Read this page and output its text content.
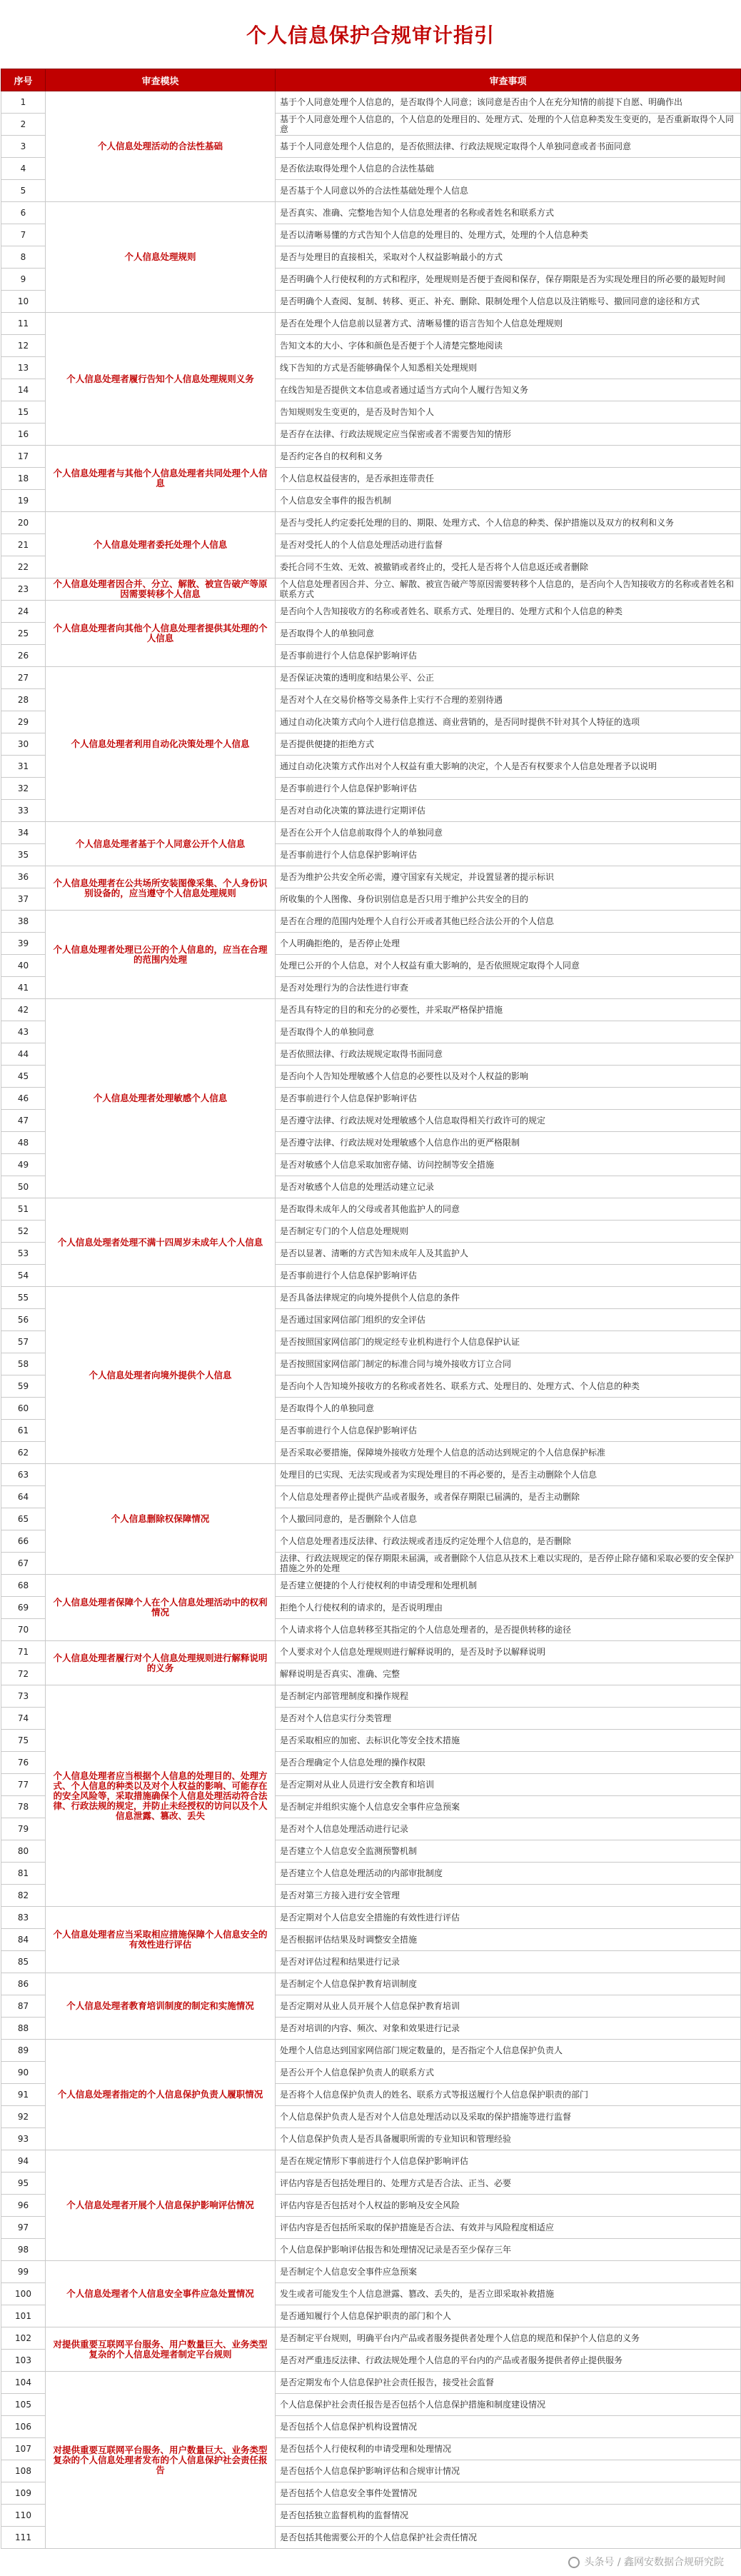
个人信息保护合规审计指引
序号	审查模块	审查事项
1	个人信息处理活动的合法性基础	基于个人同意处理个人信息的，是否取得个人同意；该同意是否由个人在充分知情的前提下自愿、明确作出
2		基于个人同意处理个人信息的，个人信息的处理目的、处理方式、处理的个人信息种类发生变更的，是否重新取得个人同意
3		基于个人同意处理个人信息的，是否依照法律、行政法规规定取得个人单独同意或者书面同意
4		是否依法取得处理个人信息的合法性基础
5		是否基于个人同意以外的合法性基础处理个人信息
6	个人信息处理规则	是否真实、准确、完整地告知个人信息处理者的名称或者姓名和联系方式
7		是否以清晰易懂的方式告知个人信息的处理目的、处理方式，处理的个人信息种类
8		是否与处理目的直接相关，采取对个人权益影响最小的方式
9		是否明确个人行使权利的方式和程序，处理规则是否便于查阅和保存，保存期限是否为实现处理目的所必要的最短时间
10		是否明确个人查阅、复制、转移、更正、补充、删除、限制处理个人信息以及注销账号、撤回同意的途径和方式
11	个人信息处理者履行告知个人信息处理规则义务	是否在处理个人信息前以显著方式、清晰易懂的语言告知个人信息处理规则
12		告知文本的大小、字体和颜色是否便于个人清楚完整地阅读
13		线下告知的方式是否能够确保个人知悉相关处理规则
14		在线告知是否提供文本信息或者通过适当方式向个人履行告知义务
15		告知规则发生变更的，是否及时告知个人
16		是否存在法律、行政法规规定应当保密或者不需要告知的情形
17	个人信息处理者与其他个人信息处理者共同处理个人信息	是否约定各自的权利和义务
18		个人信息权益侵害的，是否承担连带责任
19		个人信息安全事件的报告机制
20	个人信息处理者委托处理个人信息	是否与受托人约定委托处理的目的、期限、处理方式、个人信息的种类、保护措施以及双方的权利和义务
21		是否对受托人的个人信息处理活动进行监督
22		委托合同不生效、无效、被撤销或者终止的，受托人是否将个人信息返还或者删除
23	个人信息处理者因合并、分立、解散、被宣告破产等原因需要转移个人信息	个人信息处理者因合并、分立、解散、被宣告破产等原因需要转移个人信息的，是否向个人告知接收方的名称或者姓名和联系方式
24	个人信息处理者向其他个人信息处理者提供其处理的个人信息	是否向个人告知接收方的名称或者姓名、联系方式、处理目的、处理方式和个人信息的种类
25		是否取得个人的单独同意
26		是否事前进行个人信息保护影响评估
27	个人信息处理者利用自动化决策处理个人信息	是否保证决策的透明度和结果公平、公正
28		是否对个人在交易价格等交易条件上实行不合理的差别待遇
29		通过自动化决策方式向个人进行信息推送、商业营销的，是否同时提供不针对其个人特征的选项
30		是否提供便捷的拒绝方式
31		通过自动化决策方式作出对个人权益有重大影响的决定，个人是否有权要求个人信息处理者予以说明
32		是否事前进行个人信息保护影响评估
33		是否对自动化决策的算法进行定期评估
34	个人信息处理者基于个人同意公开个人信息	是否在公开个人信息前取得个人的单独同意
35		是否事前进行个人信息保护影响评估
36	个人信息处理者在公共场所安装图像采集、个人身份识别设备的，应当遵守个人信息处理规则	是否为维护公共安全所必需，遵守国家有关规定，并设置显著的提示标识
37		所收集的个人图像、身份识别信息是否只用于维护公共安全的目的
38	个人信息处理者处理已公开的个人信息的，应当在合理的范围内处理	是否在合理的范围内处理个人自行公开或者其他已经合法公开的个人信息
39		个人明确拒绝的，是否停止处理
40		处理已公开的个人信息，对个人权益有重大影响的，是否依照规定取得个人同意
41		是否对处理行为的合法性进行审查
42	个人信息处理者处理敏感个人信息	是否具有特定的目的和充分的必要性，并采取严格保护措施
43		是否取得个人的单独同意
44		是否依照法律、行政法规规定取得书面同意
45		是否向个人告知处理敏感个人信息的必要性以及对个人权益的影响
46		是否事前进行个人信息保护影响评估
47		是否遵守法律、行政法规对处理敏感个人信息取得相关行政许可的规定
48		是否遵守法律、行政法规对处理敏感个人信息作出的更严格限制
49		是否对敏感个人信息采取加密存储、访问控制等安全措施
50		是否对敏感个人信息的处理活动建立记录
51	个人信息处理者处理不满十四周岁未成年人个人信息	是否取得未成年人的父母或者其他监护人的同意
52		是否制定专门的个人信息处理规则
53		是否以显著、清晰的方式告知未成年人及其监护人
54		是否事前进行个人信息保护影响评估
55	个人信息处理者向境外提供个人信息	是否具备法律规定的向境外提供个人信息的条件
56		是否通过国家网信部门组织的安全评估
57		是否按照国家网信部门的规定经专业机构进行个人信息保护认证
58		是否按照国家网信部门制定的标准合同与境外接收方订立合同
59		是否向个人告知境外接收方的名称或者姓名、联系方式、处理目的、处理方式、个人信息的种类
60		是否取得个人的单独同意
61		是否事前进行个人信息保护影响评估
62		是否采取必要措施，保障境外接收方处理个人信息的活动达到规定的个人信息保护标准
63	个人信息删除权保障情况	处理目的已实现、无法实现或者为实现处理目的不再必要的，是否主动删除个人信息
64		个人信息处理者停止提供产品或者服务，或者保存期限已届满的，是否主动删除
65		个人撤回同意的，是否删除个人信息
66		个人信息处理者违反法律、行政法规或者违反约定处理个人信息的，是否删除
67		法律、行政法规规定的保存期限未届满，或者删除个人信息从技术上难以实现的，是否停止除存储和采取必要的安全保护措施之外的处理
68	个人信息处理者保障个人在个人信息处理活动中的权利情况	是否建立便捷的个人行使权利的申请受理和处理机制
69		拒绝个人行使权利的请求的，是否说明理由
70		个人请求将个人信息转移至其指定的个人信息处理者的，是否提供转移的途径
71	个人信息处理者履行对个人信息处理规则进行解释说明的义务	个人要求对个人信息处理规则进行解释说明的，是否及时予以解释说明
72		解释说明是否真实、准确、完整
73	个人信息处理者应当根据个人信息的处理目的、处理方式、个人信息的种类以及对个人权益的影响、可能存在的安全风险等，采取措施确保个人信息处理活动符合法律、行政法规的规定，并防止未经授权的访问以及个人信息泄露、篡改、丢失	是否制定内部管理制度和操作规程
74		是否对个人信息实行分类管理
75		是否采取相应的加密、去标识化等安全技术措施
76		是否合理确定个人信息处理的操作权限
77		是否定期对从业人员进行安全教育和培训
78		是否制定并组织实施个人信息安全事件应急预案
79		是否对个人信息处理活动进行记录
80		是否建立个人信息安全监测预警机制
81		是否建立个人信息处理活动的内部审批制度
82		是否对第三方接入进行安全管理
83	个人信息处理者应当采取相应措施保障个人信息安全的有效性进行评估	是否定期对个人信息安全措施的有效性进行评估
84		是否根据评估结果及时调整安全措施
85		是否对评估过程和结果进行记录
86	个人信息处理者教育培训制度的制定和实施情况	是否制定个人信息保护教育培训制度
87		是否定期对从业人员开展个人信息保护教育培训
88		是否对培训的内容、频次、对象和效果进行记录
89	个人信息处理者指定的个人信息保护负责人履职情况	处理个人信息达到国家网信部门规定数量的，是否指定个人信息保护负责人
90		是否公开个人信息保护负责人的联系方式
91		是否将个人信息保护负责人的姓名、联系方式等报送履行个人信息保护职责的部门
92		个人信息保护负责人是否对个人信息处理活动以及采取的保护措施等进行监督
93		个人信息保护负责人是否具备履职所需的专业知识和管理经验
94	个人信息处理者开展个人信息保护影响评估情况	是否在规定情形下事前进行个人信息保护影响评估
95		评估内容是否包括处理目的、处理方式是否合法、正当、必要
96		评估内容是否包括对个人权益的影响及安全风险
97		评估内容是否包括所采取的保护措施是否合法、有效并与风险程度相适应
98		个人信息保护影响评估报告和处理情况记录是否至少保存三年
99	个人信息处理者个人信息安全事件应急处置情况	是否制定个人信息安全事件应急预案
100		发生或者可能发生个人信息泄露、篡改、丢失的，是否立即采取补救措施
101		是否通知履行个人信息保护职责的部门和个人
102	对提供重要互联网平台服务、用户数量巨大、业务类型复杂的个人信息处理者制定平台规则	是否制定平台规则，明确平台内产品或者服务提供者处理个人信息的规范和保护个人信息的义务
103		是否对严重违反法律、行政法规处理个人信息的平台内的产品或者服务提供者停止提供服务
104	对提供重要互联网平台服务、用户数量巨大、业务类型复杂的个人信息处理者发布的个人信息保护社会责任报告	是否定期发布个人信息保护社会责任报告，接受社会监督
105		个人信息保护社会责任报告是否包括个人信息保护措施和制度建设情况
106		是否包括个人信息保护机构设置情况
107		是否包括个人行使权利的申请受理和处理情况
108		是否包括个人信息保护影响评估和合规审计情况
109		是否包括个人信息安全事件处置情况
110		是否包括独立监督机构的监督情况
111		是否包括其他需要公开的个人信息保护社会责任情况
头条号 / 鑫网安数据合规研究院
